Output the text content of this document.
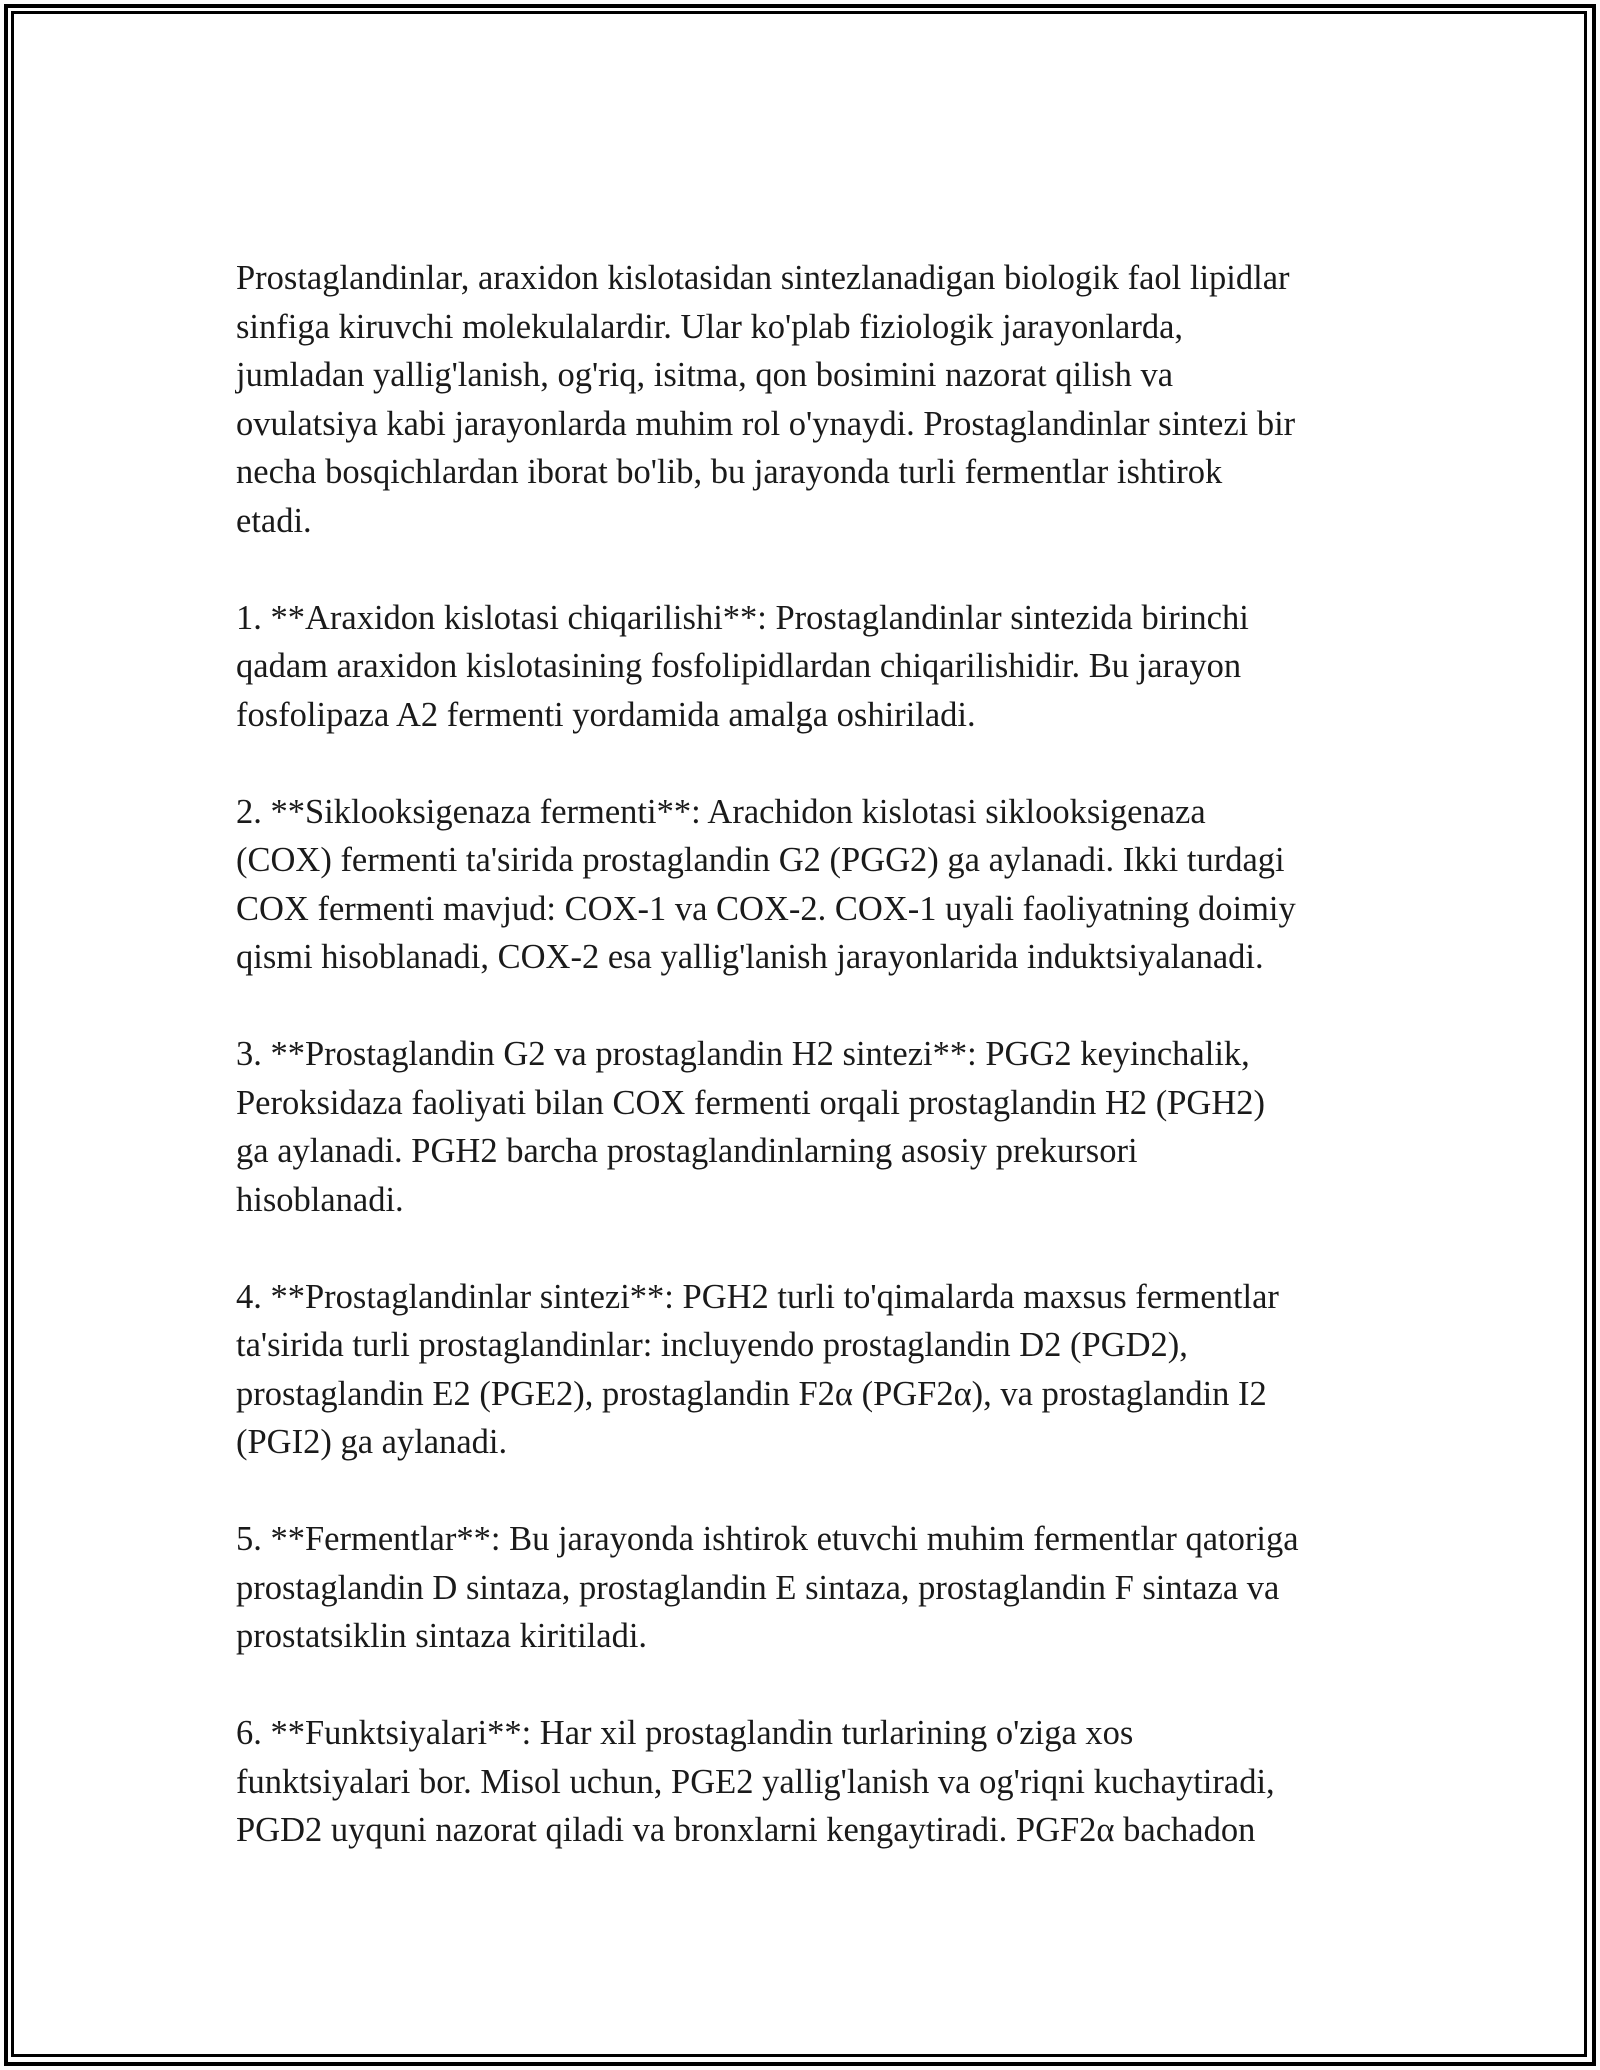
Prostaglandinlar, araxidon kislotasidan sintezlanadigan biologik faol lipidlar
sinfiga kiruvchi molekulalardir. Ular ko'plab fiziologik jarayonlarda,
jumladan yallig'lanish, og'riq, isitma, qon bosimini nazorat qilish va
ovulatsiya kabi jarayonlarda muhim rol o'ynaydi. Prostaglandinlar sintezi bir
necha bosqichlardan iborat bo'lib, bu jarayonda turli fermentlar ishtirok
etadi.

1. **Araxidon kislotasi chiqarilishi**: Prostaglandinlar sintezida birinchi
qadam araxidon kislotasining fosfolipidlardan chiqarilishidir. Bu jarayon
fosfolipaza A2 fermenti yordamida amalga oshiriladi.

2. **Siklooksigenaza fermenti**: Arachidon kislotasi siklooksigenaza
(COX) fermenti ta'sirida prostaglandin G2 (PGG2) ga aylanadi. Ikki turdagi
COX fermenti mavjud: COX-1 va COX-2. COX-1 uyali faoliyatning doimiy
qismi hisoblanadi, COX-2 esa yallig'lanish jarayonlarida induktsiyalanadi.

3. **Prostaglandin G2 va prostaglandin H2 sintezi**: PGG2 keyinchalik,
Peroksidaza faoliyati bilan COX fermenti orqali prostaglandin H2 (PGH2)
ga aylanadi. PGH2 barcha prostaglandinlarning asosiy prekursori
hisoblanadi.

4. **Prostaglandinlar sintezi**: PGH2 turli to'qimalarda maxsus fermentlar
ta'sirida turli prostaglandinlar: incluyendo prostaglandin D2 (PGD2),
prostaglandin E2 (PGE2), prostaglandin F2α (PGF2α), va prostaglandin I2
(PGI2) ga aylanadi.

5. **Fermentlar**: Bu jarayonda ishtirok etuvchi muhim fermentlar qatoriga
prostaglandin D sintaza, prostaglandin E sintaza, prostaglandin F sintaza va
prostatsiklin sintaza kiritiladi.

6. **Funktsiyalari**: Har xil prostaglandin turlarining o'ziga xos
funktsiyalari bor. Misol uchun, PGE2 yallig'lanish va og'riqni kuchaytiradi,
PGD2 uyquni nazorat qiladi va bronxlarni kengaytiradi. PGF2α bachadon
